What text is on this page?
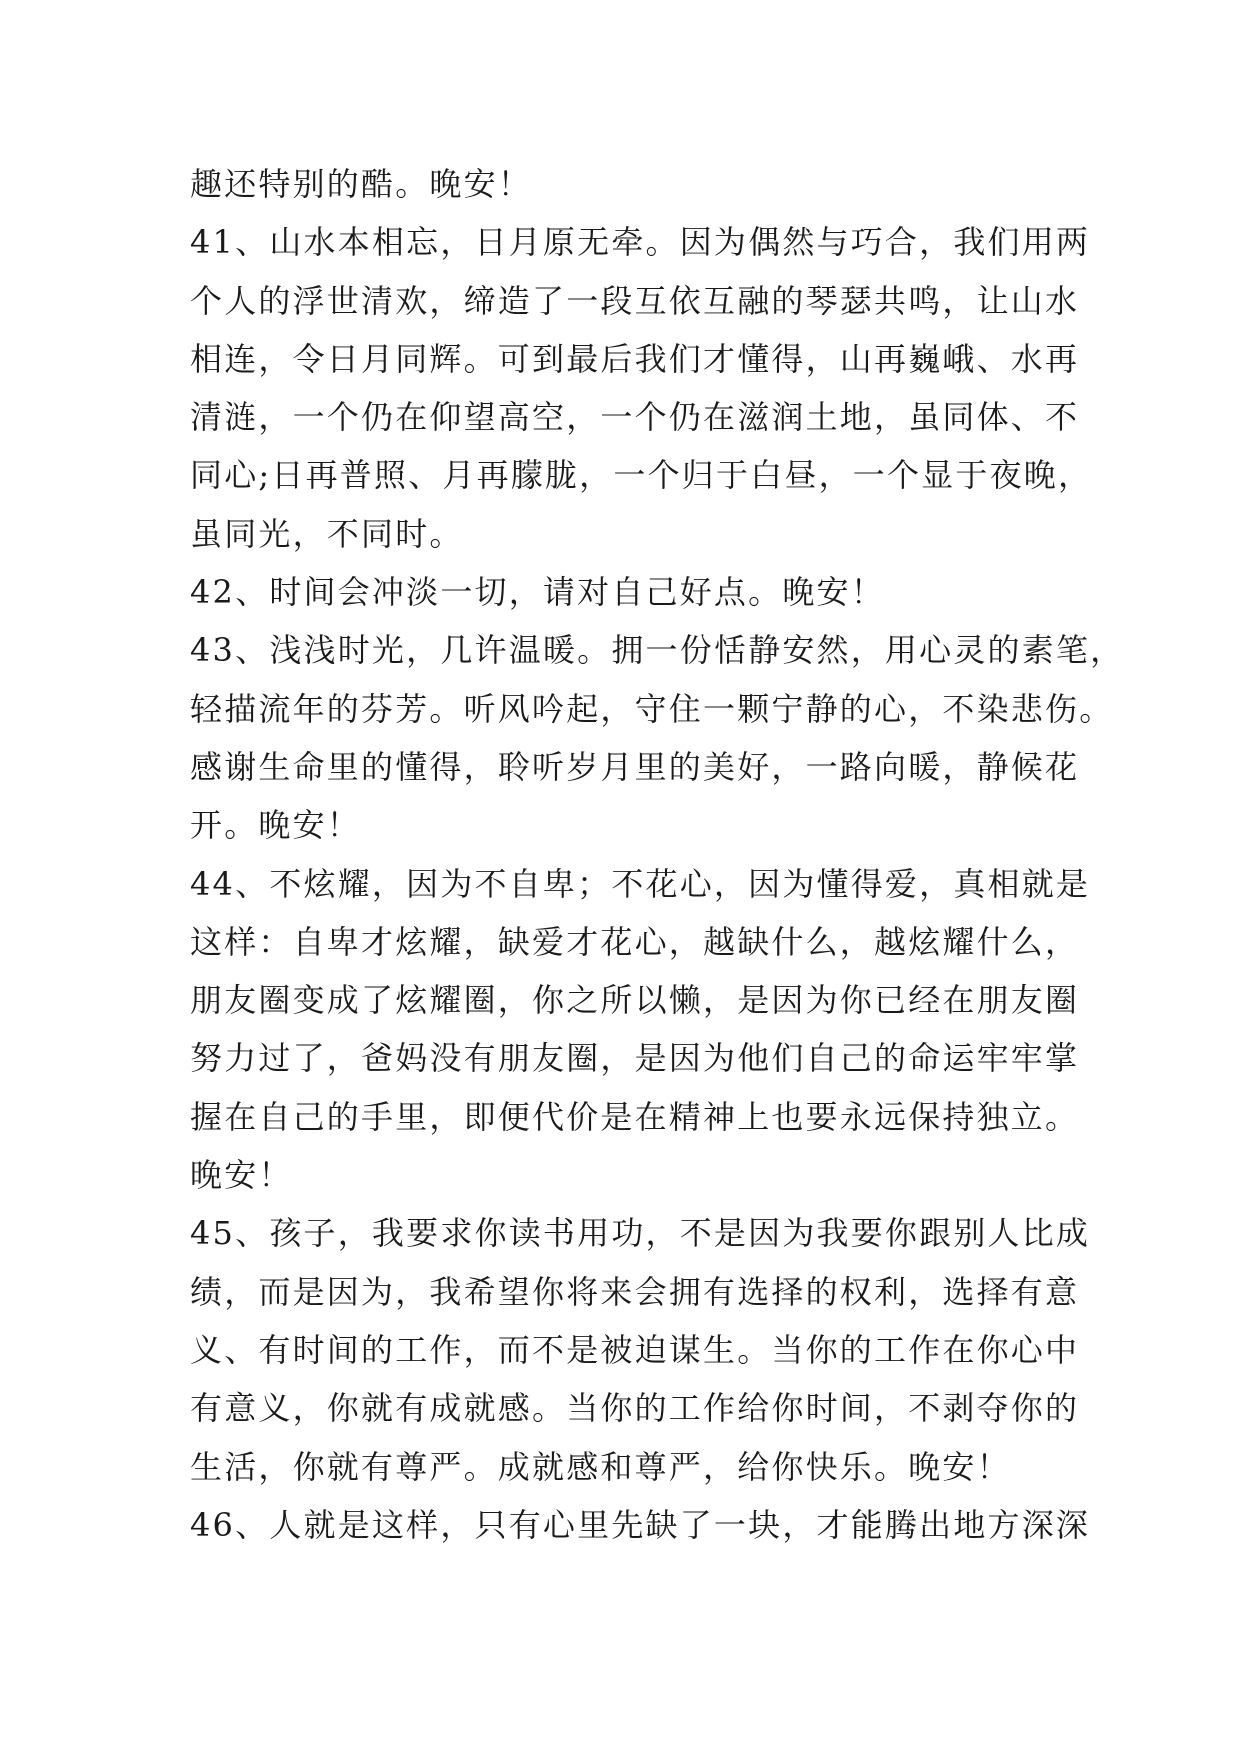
趣还特别的酷。晚安！
41、山水本相忘，日月原无牵。因为偶然与巧合，我们用两
个人的浮世清欢，缔造了一段互依互融的琴瑟共鸣，让山水
相连，令日月同辉。可到最后我们才懂得，山再巍峨、水再
清涟，一个仍在仰望高空，一个仍在滋润土地，虽同体、不
同心;日再普照、月再朦胧，一个归于白昼，一个显于夜晚，
虽同光，不同时。
42、时间会冲淡一切，请对自己好点。晚安！
43、浅浅时光，几许温暖。拥一份恬静安然，用心灵的素笔，
轻描流年的芬芳。听风吟起，守住一颗宁静的心，不染悲伤。
感谢生命里的懂得，聆听岁月里的美好，一路向暖，静候花
开。晚安！
44、不炫耀，因为不自卑；不花心，因为懂得爱，真相就是
这样：自卑才炫耀，缺爱才花心，越缺什么，越炫耀什么，
朋友圈变成了炫耀圈，你之所以懒，是因为你已经在朋友圈
努力过了，爸妈没有朋友圈，是因为他们自己的命运牢牢掌
握在自己的手里，即便代价是在精神上也要永远保持独立。
晚安！
45、孩子，我要求你读书用功，不是因为我要你跟别人比成
绩，而是因为，我希望你将来会拥有选择的权利，选择有意
义、有时间的工作，而不是被迫谋生。当你的工作在你心中
有意义，你就有成就感。当你的工作给你时间，不剥夺你的
生活，你就有尊严。成就感和尊严，给你快乐。晚安！
46、人就是这样，只有心里先缺了一块，才能腾出地方深深
